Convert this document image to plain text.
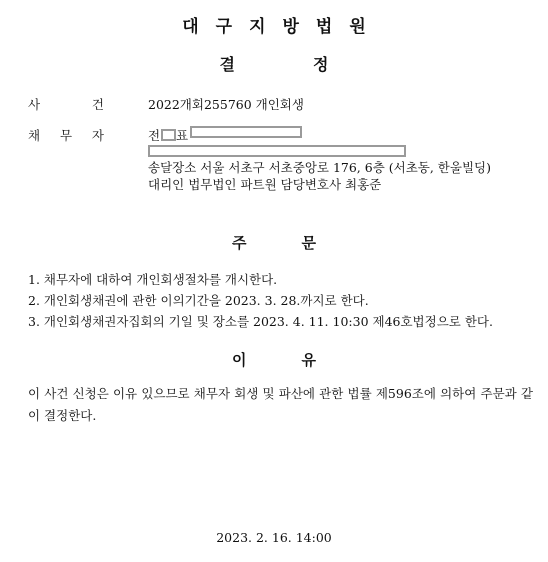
대구지방법원
결정
사	건	2022개회255760 개인회생
채 무 자	전 표
송달장소 서울 서초구 서초중앙로 176, 6층 (서초동, 한울빌딩)
대리인 법무법인 파트원 담당변호사 최홍준
주문
1. 채무자에 대하여 개인회생절차를 개시한다.
2. 개인회생채권에 관한 이의기간을 2023. 3. 28.까지로 한다.
3. 개인회생채권자집회의 기일 및 장소를 2023. 4. 11. 10:30 제46호법정으로 한다.
이유
이 사건 신청은 이유 있으므로 채무자 회생 및 파산에 관한 법률 제596조에 의하여 주문과 같이 결정한다.
2023. 2. 16. 14:00
